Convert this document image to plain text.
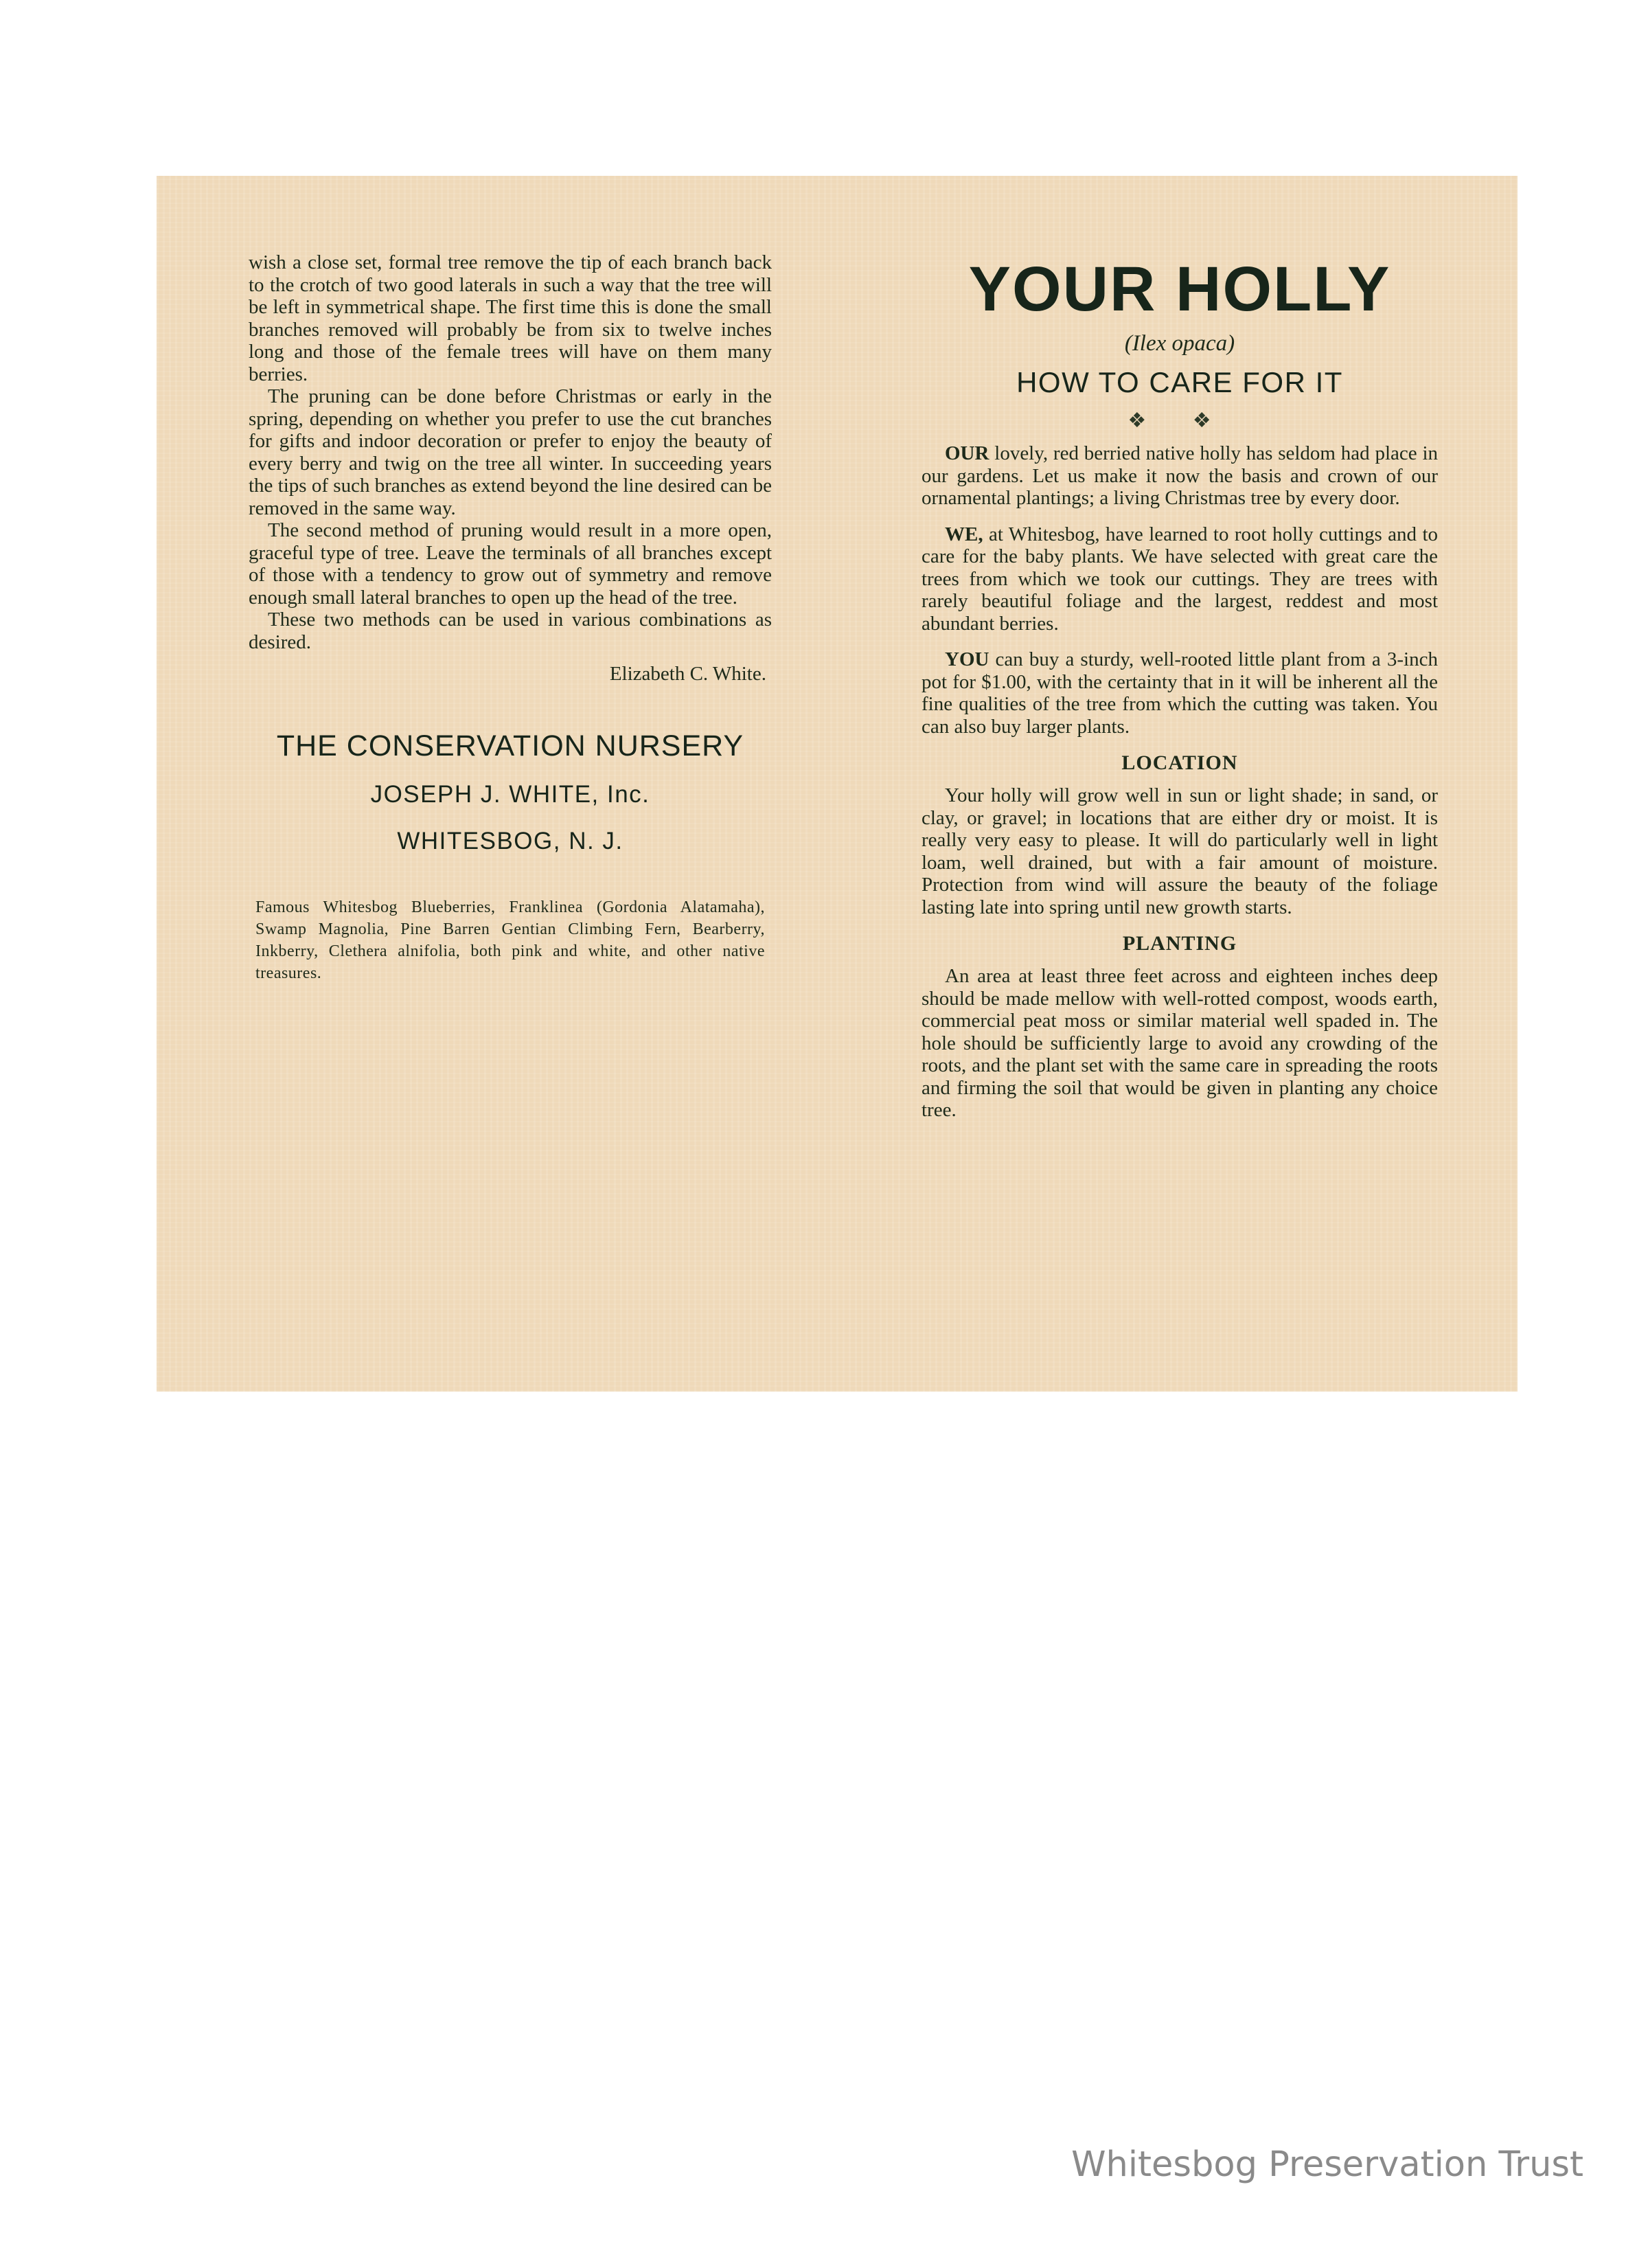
wish a close set, formal tree remove the tip of each branch back to the crotch of two good laterals in such a way that the tree will be left in symmetrical shape. The first time this is done the small branches removed will probably be from six to twelve inches long and those of the female trees will have on them many berries.

The pruning can be done before Christmas or early in the spring, depending on whether you prefer to use the cut branches for gifts and indoor decoration or prefer to enjoy the beauty of every berry and twig on the tree all winter. In succeeding years the tips of such branches as extend beyond the line desired can be removed in the same way.

The second method of pruning would result in a more open, graceful type of tree. Leave the terminals of all branches except of those with a tendency to grow out of symmetry and remove enough small lateral branches to open up the head of the tree.

These two methods can be used in various combinations as desired.

Elizabeth C. White.
THE CONSERVATION NURSERY
JOSEPH J. WHITE, Inc.
WHITESBOG, N. J.

Famous Whitesbog Blueberries, Franklinea (Gordonia Alatamaha), Swamp Magnolia, Pine Barren Gentian Climbing Fern, Bearberry, Inkberry, Clethera alnifolia, both pink and white, and other native treasures.

YOUR HOLLY
(Ilex opaca)
HOW TO CARE FOR IT
❖ ❖

OUR lovely, red berried native holly has seldom had place in our gardens. Let us make it now the basis and crown of our ornamental plantings; a living Christmas tree by every door.

WE, at Whitesbog, have learned to root holly cuttings and to care for the baby plants. We have selected with great care the trees from which we took our cuttings. They are trees with rarely beautiful foliage and the largest, reddest and most abundant berries.

YOU can buy a sturdy, well-rooted little plant from a 3-inch pot for $1.00, with the certainty that in it will be inherent all the fine qualities of the tree from which the cutting was taken. You can also buy larger plants.

LOCATION

Your holly will grow well in sun or light shade; in sand, or clay, or gravel; in locations that are either dry or moist. It is really very easy to please. It will do particularly well in light loam, well drained, but with a fair amount of moisture. Protection from wind will assure the beauty of the foliage lasting late into spring until new growth starts.

PLANTING

An area at least three feet across and eighteen inches deep should be made mellow with well-rotted compost, woods earth, commercial peat moss or similar material well spaded in. The hole should be sufficiently large to avoid any crowding of the roots, and the plant set with the same care in spreading the roots and firming the soil that would be given in planting any choice tree.

Whitesbog Preservation Trust
